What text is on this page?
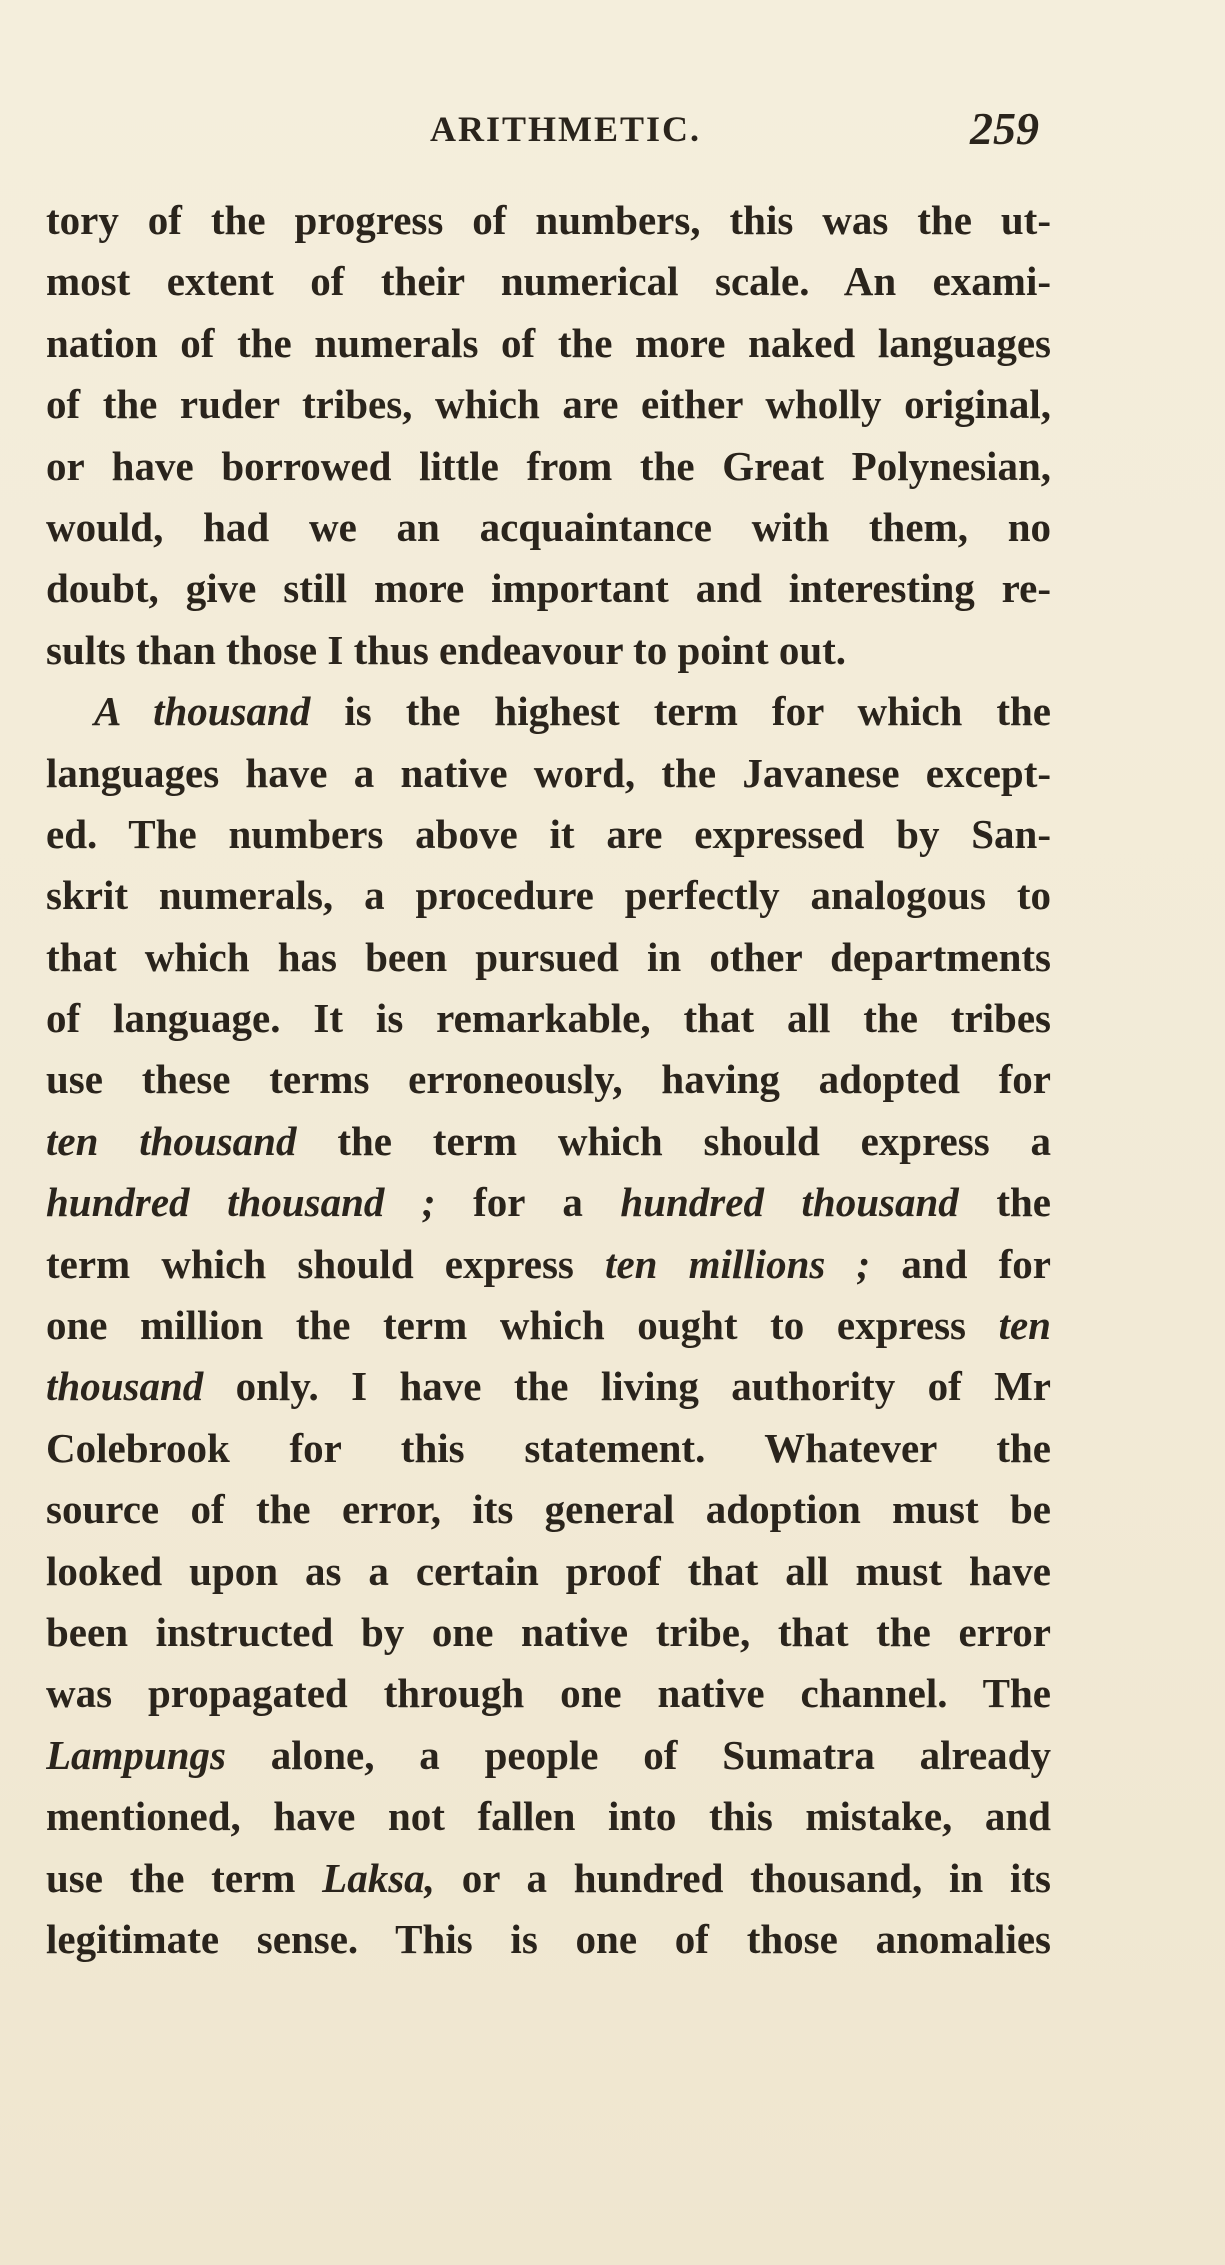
ARITHMETIC.	259
tory of the progress of numbers, this was the ut-
most extent of their numerical scale. An exami-
nation of the numerals of the more naked languages
of the ruder tribes, which are either wholly original,
or have borrowed little from the Great Polynesian,
would, had we an acquaintance with them, no
doubt, give still more important and interesting re-
sults than those I thus endeavour to point out.
A thousand is the highest term for which the
languages have a native word, the Javanese except-
ed. The numbers above it are expressed by San-
skrit numerals, a procedure perfectly analogous to
that which has been pursued in other departments
of language. It is remarkable, that all the tribes
use these terms erroneously, having adopted for
ten thousand the term which should express a
hundred thousand ; for a hundred thousand the
term which should express ten millions ; and for
one million the term which ought to express ten
thousand only. I have the living authority of Mr
Colebrook for this statement. Whatever the
source of the error, its general adoption must be
looked upon as a certain proof that all must have
been instructed by one native tribe, that the error
was propagated through one native channel. The
Lampungs alone, a people of Sumatra already
mentioned, have not fallen into this mistake, and
use the term Laksa, or a hundred thousand, in its
legitimate sense. This is one of those anomalies
